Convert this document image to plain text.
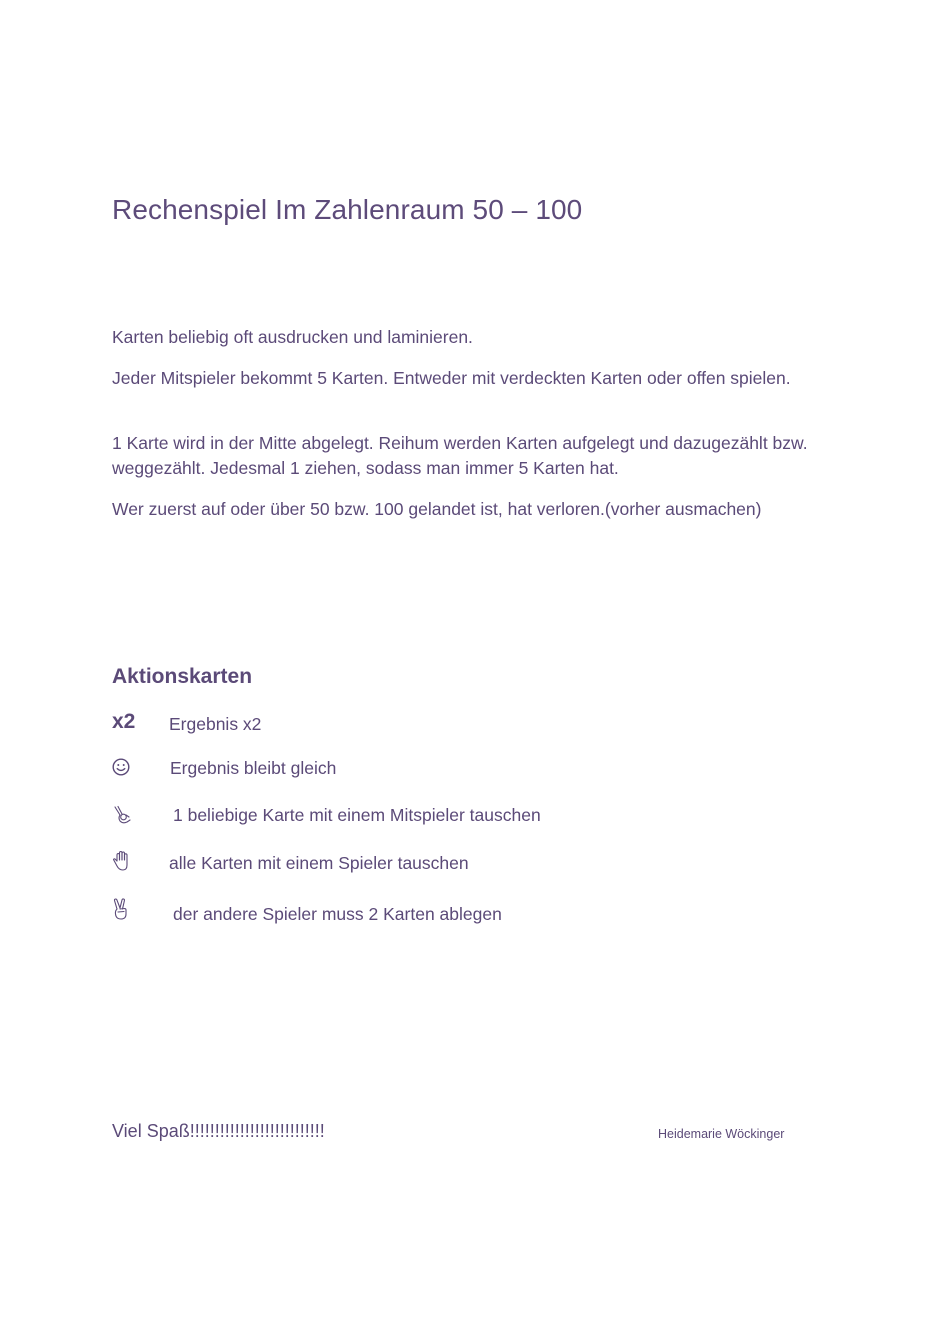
Rechenspiel Im Zahlenraum 50 – 100
Karten beliebig oft ausdrucken und laminieren.
Jeder Mitspieler bekommt 5 Karten. Entweder mit verdeckten Karten oder offen spielen.
1 Karte wird in der Mitte abgelegt. Reihum werden Karten aufgelegt und dazugezählt bzw. weggezählt. Jedesmal 1 ziehen, sodass man immer 5 Karten hat.
Wer zuerst auf oder über 50 bzw. 100 gelandet ist, hat verloren.(vorher ausmachen)
Aktionskarten
x2 Ergebnis x2
Ergebnis bleibt gleich
1 beliebige Karte mit einem Mitspieler tauschen
alle Karten mit einem Spieler tauschen
der andere Spieler muss 2 Karten ablegen
Viel Spaß!!!!!!!!!!!!!!!!!!!!!!!!!!!	Heidemarie Wöckinger
